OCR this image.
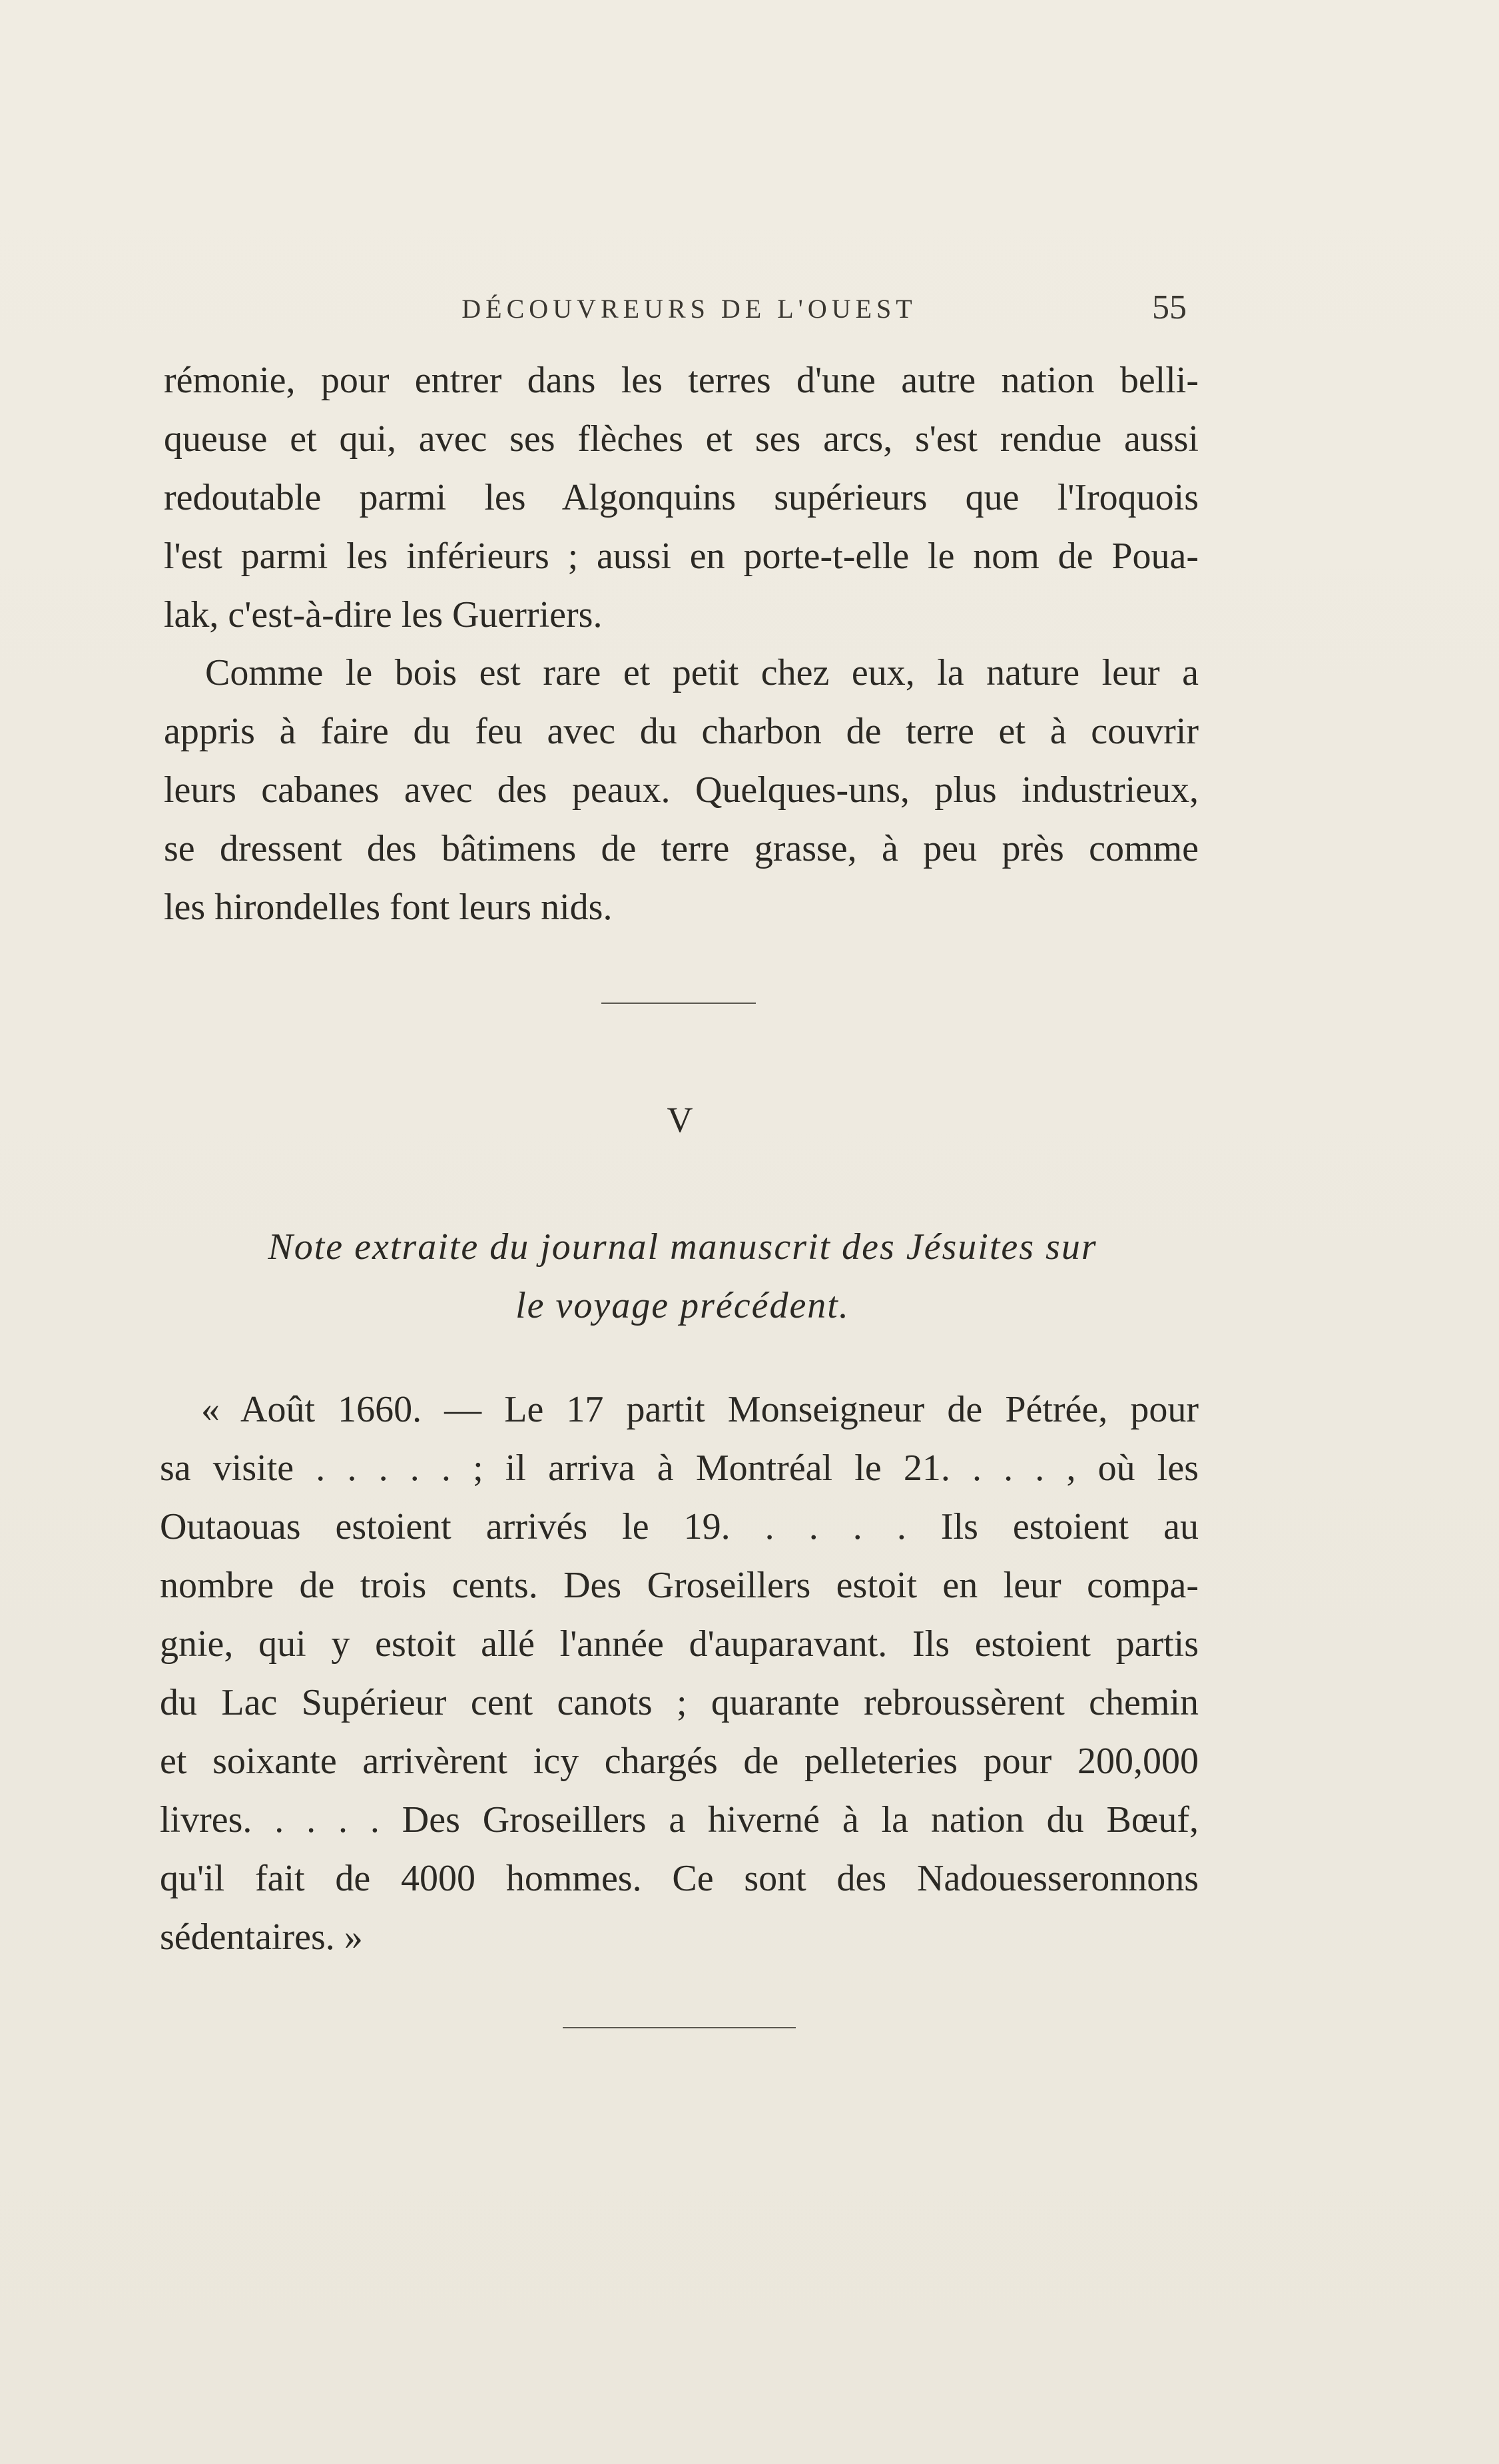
DÉCOUVREURS DE L'OUEST	55
rémonie, pour entrer dans les terres d'une autre nation belli-
queuse et qui, avec ses flèches et ses arcs, s'est rendue aussi
redoutable parmi les Algonquins supérieurs que l'Iroquois
l'est parmi les inférieurs ; aussi en porte-t-elle le nom de Poua-
lak, c'est-à-dire les Guerriers.
Comme le bois est rare et petit chez eux, la nature leur a
appris à faire du feu avec du charbon de terre et à couvrir
leurs cabanes avec des peaux. Quelques-uns, plus industrieux,
se dressent des bâtimens de terre grasse, à peu près comme
les hirondelles font leurs nids.
V
Note extraite du journal manuscrit des Jésuites sur
le voyage précédent.
« Août 1660. — Le 17 partit Monseigneur de Pétrée, pour
sa visite . . . . . ; il arriva à Montréal le 21. . . . , où les
Outaouas estoient arrivés le 19. . . . . Ils estoient au
nombre de trois cents. Des Groseillers estoit en leur compa-
gnie, qui y estoit allé l'année d'auparavant. Ils estoient partis
du Lac Supérieur cent canots ; quarante rebroussèrent chemin
et soixante arrivèrent icy chargés de pelleteries pour 200,000
livres. . . . . Des Groseillers a hiverné à la nation du Bœuf,
qu'il fait de 4000 hommes. Ce sont des Nadouesseronnons
sédentaires. »
